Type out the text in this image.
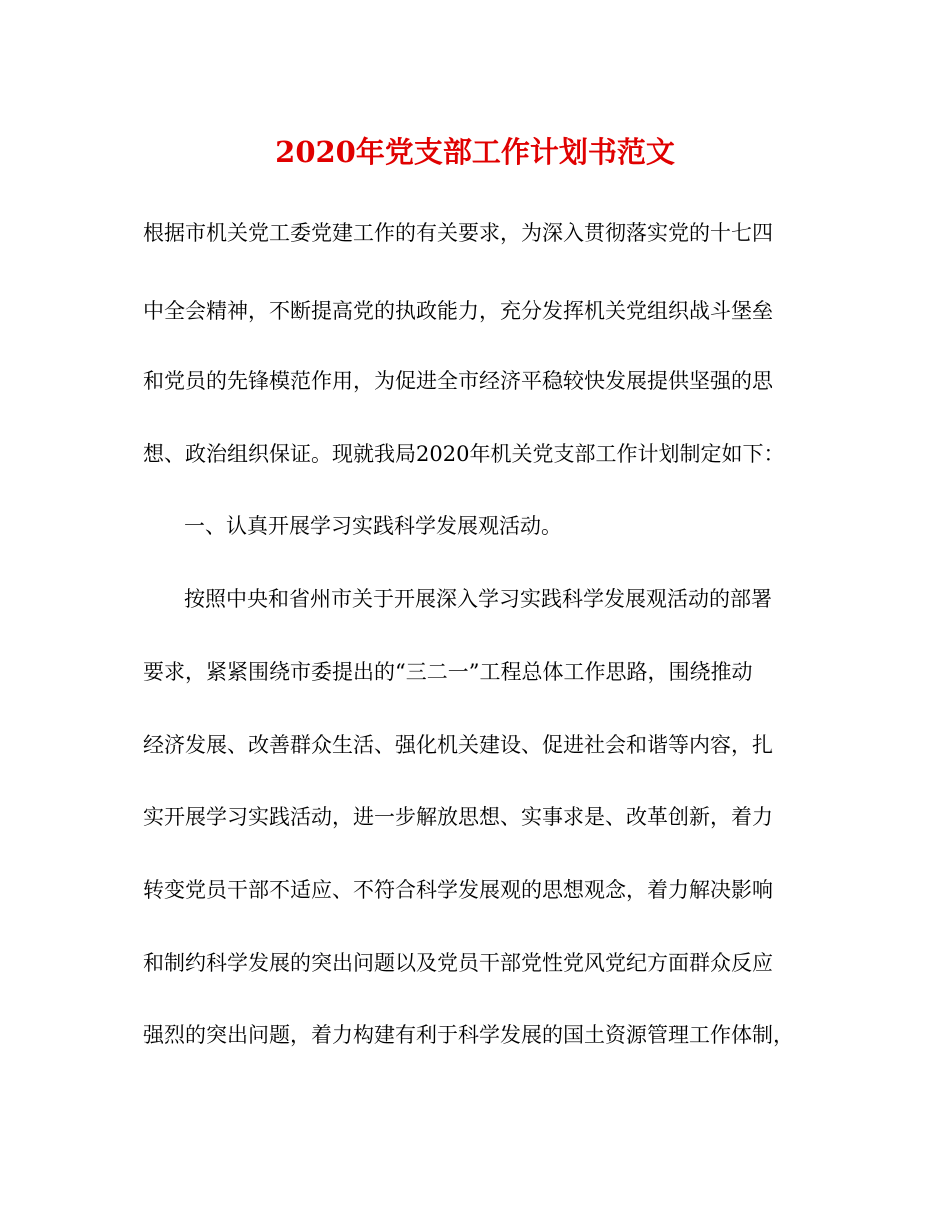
2020年党支部工作计划书范文

根据市机关党工委党建工作的有关要求，为深入贯彻落实党的十七四

中全会精神，不断提高党的执政能力，充分发挥机关党组织战斗堡垒

和党员的先锋模范作用，为促进全市经济平稳较快发展提供坚强的思

想、政治组织保证。现就我局2020年机关党支部工作计划制定如下：

一、认真开展学习实践科学发展观活动。

按照中央和省州市关于开展深入学习实践科学发展观活动的部署

要求，紧紧围绕市委提出的“三二一”工程总体工作思路，围绕推动

经济发展、改善群众生活、强化机关建设、促进社会和谐等内容，扎

实开展学习实践活动，进一步解放思想、实事求是、改革创新，着力

转变党员干部不适应、不符合科学发展观的思想观念，着力解决影响

和制约科学发展的突出问题以及党员干部党性党风党纪方面群众反应

强烈的突出问题，着力构建有利于科学发展的国土资源管理工作体制，
